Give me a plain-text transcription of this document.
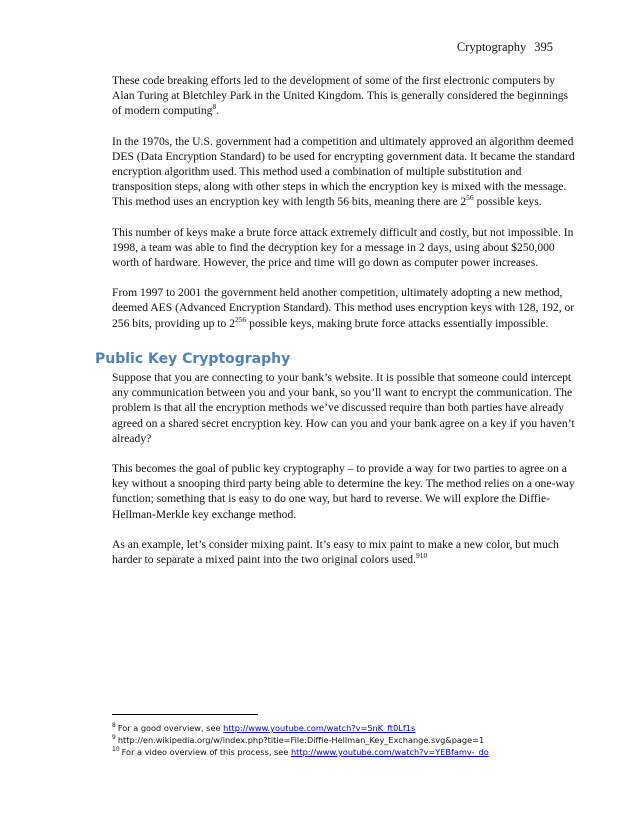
Cryptography 395

These code breaking efforts led to the development of some of the first electronic computers by Alan Turing at Bletchley Park in the United Kingdom. This is generally considered the beginnings of modern computing$^8$.

In the 1970s, the U.S. government had a competition and ultimately approved an algorithm deemed DES (Data Encryption Standard) to be used for encrypting government data. It became the standard encryption algorithm used. This method used a combination of multiple substitution and transposition steps, along with other steps in which the encryption key is mixed with the message. This method uses an encryption key with length 56 bits, meaning there are $2^{56}$ possible keys.

This number of keys make a brute force attack extremely difficult and costly, but not impossible. In 1998, a team was able to find the decryption key for a message in 2 days, using about $250,000 worth of hardware. However, the price and time will go down as computer power increases.

From 1997 to 2001 the government held another competition, ultimately adopting a new method, deemed AES (Advanced Encryption Standard). This method uses encryption keys with 128, 192, or 256 bits, providing up to $2^{256}$ possible keys, making brute force attacks essentially impossible.

Public Key Cryptography

Suppose that you are connecting to your bank’s website. It is possible that someone could intercept any communication between you and your bank, so you’ll want to encrypt the communication. The problem is that all the encryption methods we’ve discussed require than both parties have already agreed on a shared secret encryption key. How can you and your bank agree on a key if you haven’t already?

This becomes the goal of public key cryptography – to provide a way for two parties to agree on a key without a snooping third party being able to determine the key. The method relies on a one-way function; something that is easy to do one way, but hard to reverse. We will explore the Diffie-Hellman-Merkle key exchange method.

As an example, let’s consider mixing paint. It’s easy to mix paint to make a new color, but much harder to separate a mixed paint into the two original colors used.$^{910}$

$^8$ For a good overview, see http://www.youtube.com/watch?v=5nK_ft0Lf1s
$^9$ http://en.wikipedia.org/w/index.php?title=File:Diffie-Hellman_Key_Exchange.svg&page=1
$^{10}$ For a video overview of this process, see http://www.youtube.com/watch?v=YEBfamv-_do
